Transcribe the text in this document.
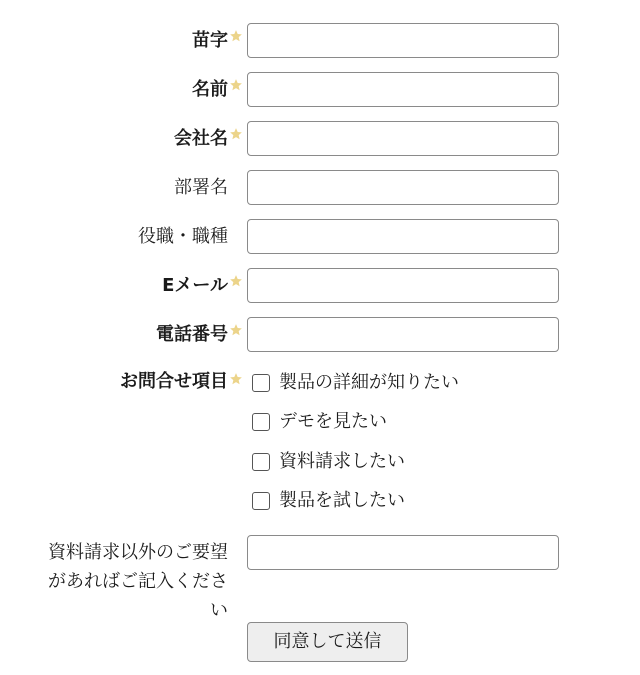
苗字
名前
会社名
部署名
役職・職種
Eメール
電話番号
お問合せ項目	製品の詳細が知りたい
デモを見たい
資料請求したい
製品を試したい
資料請求以外のご要望
があればご記入くださ
い
同意して送信
